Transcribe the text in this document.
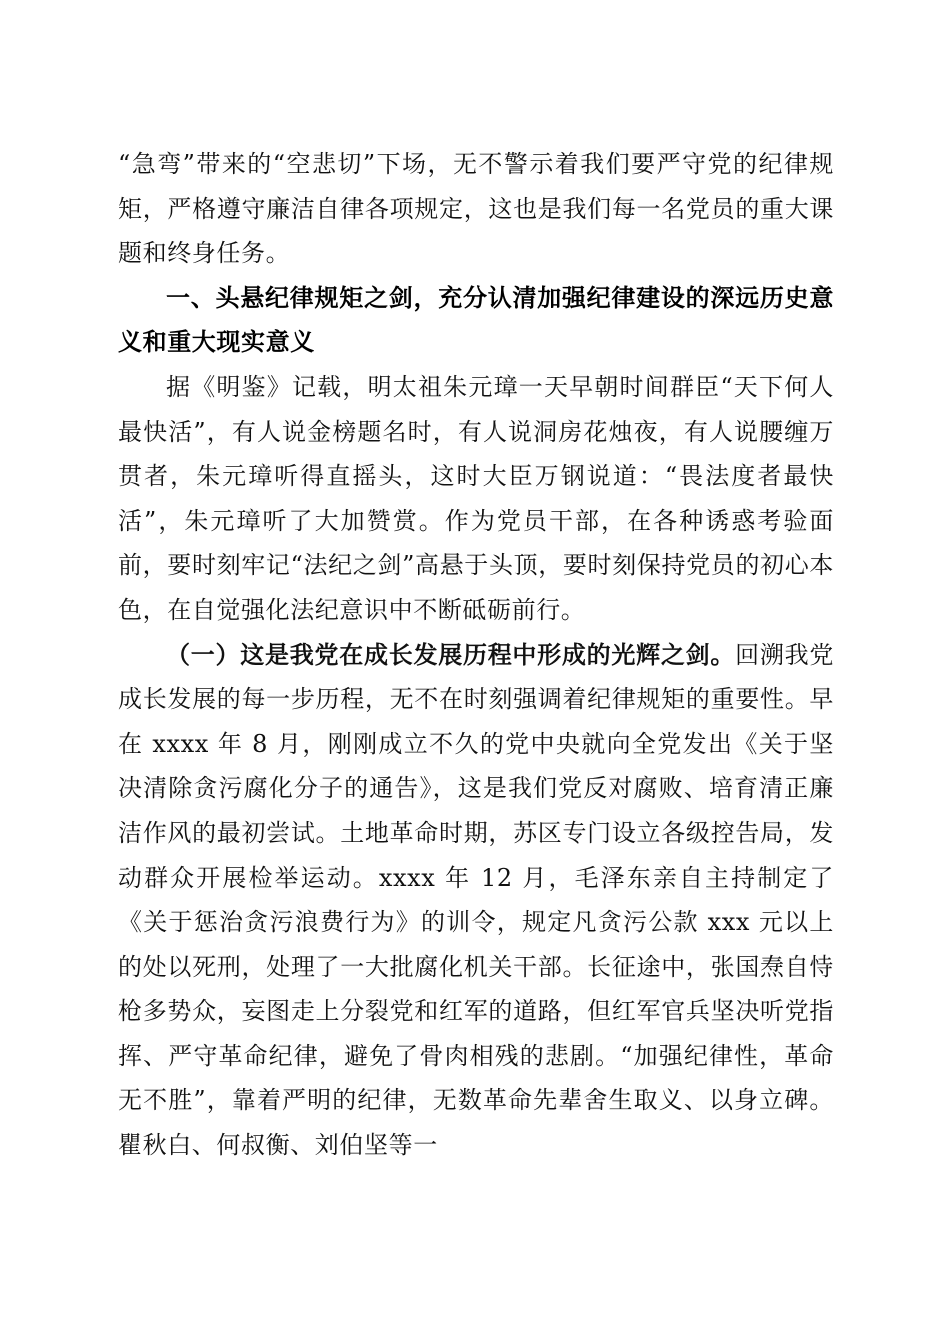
“急弯”带来的“空悲切”下场，无不警示着我们要严守党的纪律规矩，严格遵守廉洁自律各项规定，这也是我们每一名党员的重大课题和终身任务。

一、头悬纪律规矩之剑，充分认清加强纪律建设的深远历史意义和重大现实意义

据《明鉴》记载，明太祖朱元璋一天早朝时间群臣“天下何人最快活”，有人说金榜题名时，有人说洞房花烛夜，有人说腰缠万贯者，朱元璋听得直摇头，这时大臣万钢说道：“畏法度者最快活”，朱元璋听了大加赞赏。作为党员干部，在各种诱惑考验面前，要时刻牢记“法纪之剑”高悬于头顶，要时刻保持党员的初心本色，在自觉强化法纪意识中不断砥砺前行。

（一）这是我党在成长发展历程中形成的光辉之剑。回溯我党成长发展的每一步历程，无不在时刻强调着纪律规矩的重要性。早在 xxxx 年 8 月，刚刚成立不久的党中央就向全党发出《关于坚决清除贪污腐化分子的通告》，这是我们党反对腐败、培育清正廉洁作风的最初尝试。土地革命时期，苏区专门设立各级控告局，发动群众开展检举运动。xxxx 年 12 月，毛泽东亲自主持制定了《关于惩治贪污浪费行为》的训令，规定凡贪污公款 xxx 元以上的处以死刑，处理了一大批腐化机关干部。长征途中，张国焘自恃枪多势众，妄图走上分裂党和红军的道路，但红军官兵坚决听党指挥、严守革命纪律，避免了骨肉相残的悲剧。“加强纪律性，革命无不胜”，靠着严明的纪律，无数革命先辈舍生取义、以身立碑。瞿秋白、何叔衡、刘伯坚等一
